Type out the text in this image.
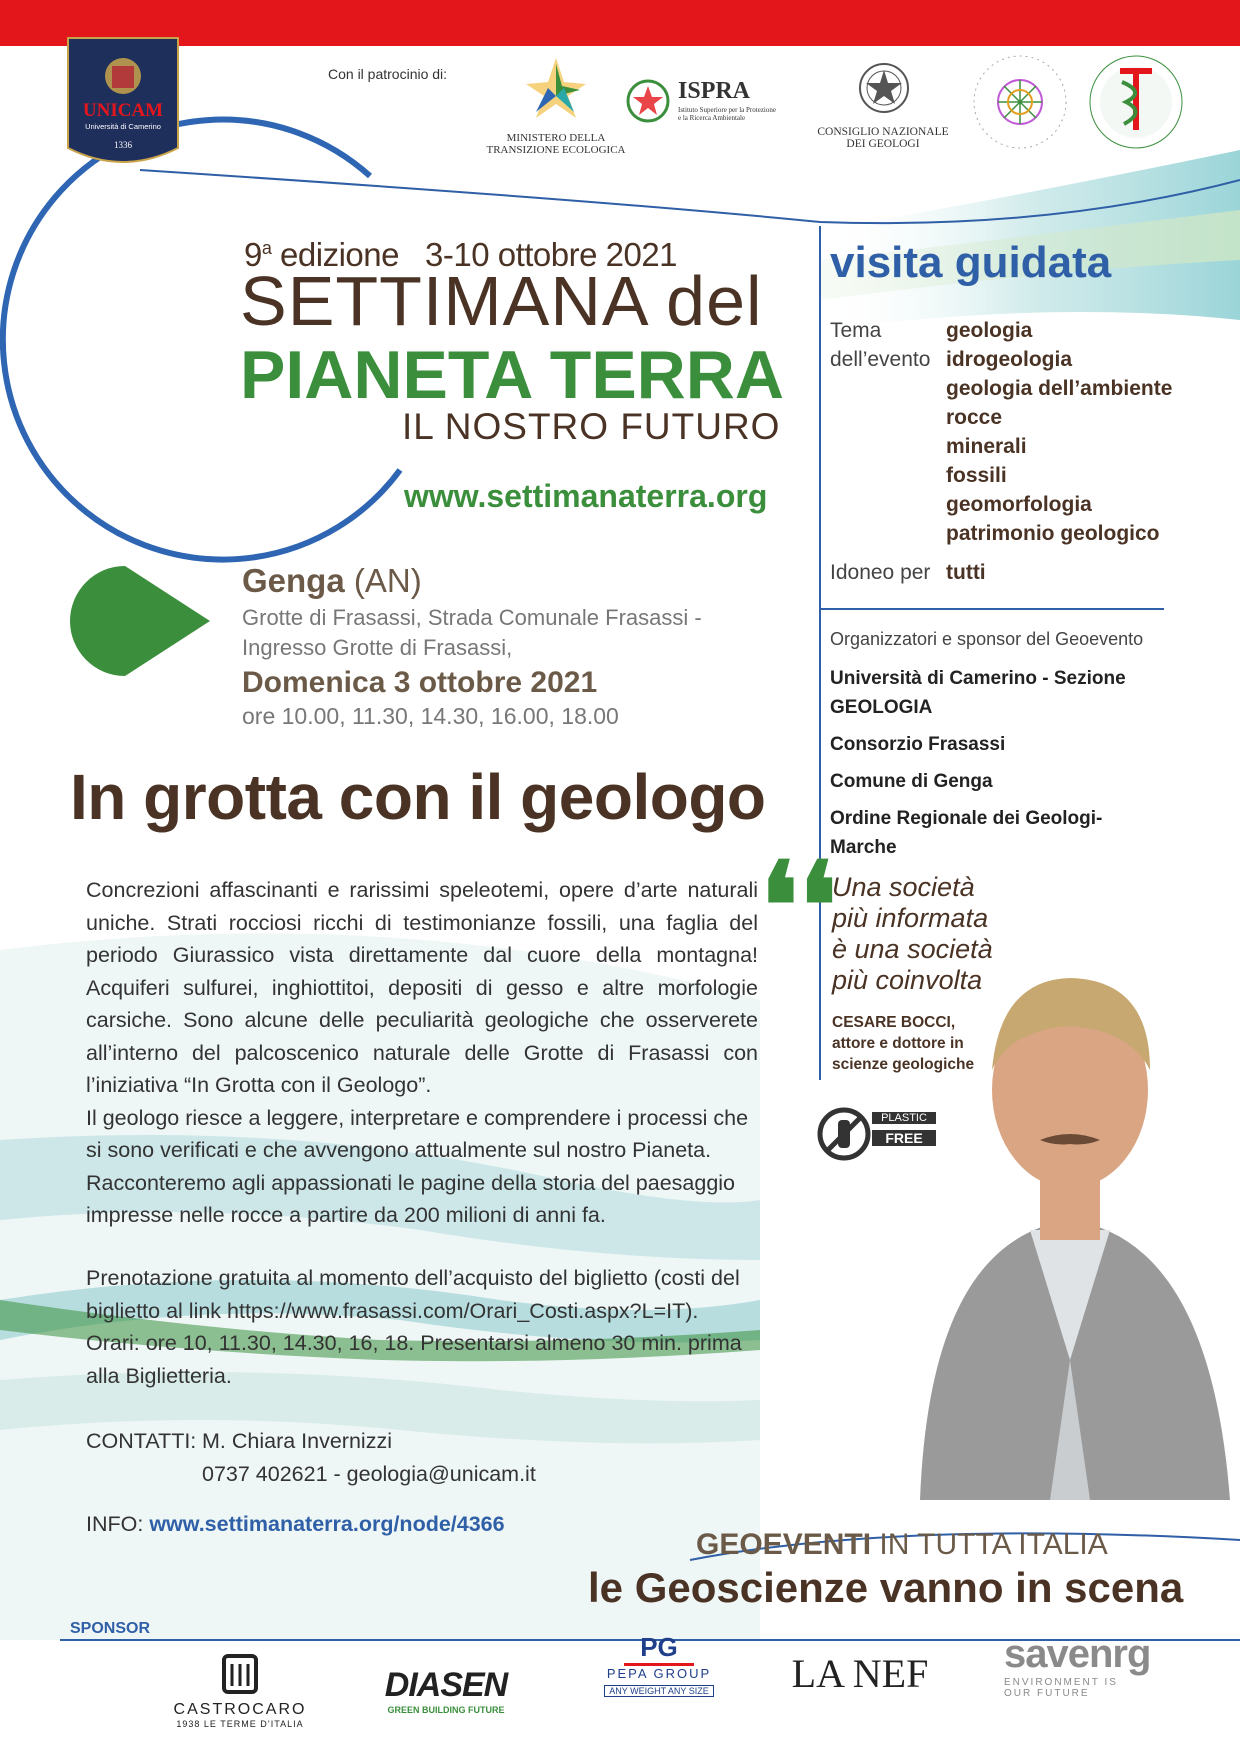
UNICAM
Università di Camerino
1336
Con il patrocinio di:
MINISTERO DELLA
TRANSIZIONE ECOLOGICA
ISPRA
Istituto Superiore per la Protezione
e la Ricerca Ambientale
CONSIGLIO NAZIONALE
DEI GEOLOGI
9$^a$ edizione 3-10 ottobre 2021
SETTIMANA del
PIANETA TERRA
IL NOSTRO FUTURO
www.settimanaterra.org
visita guidata
Tema
dell’evento
geologia
idrogeologia
geologia dell’ambiente
rocce
minerali
fossili
geomorfologia
patrimonio geologico
Idoneo per tutti
Organizzatori e sponsor del Geoevento
Università di Camerino - Sezione GEOLOGIA
Consorzio Frasassi
Comune di Genga
Ordine Regionale dei Geologi-Marche
Genga (AN)
Grotte di Frasassi, Strada Comunale Frasassi -
Ingresso Grotte di Frasassi,
Domenica 3 ottobre 2021
ore 10.00, 11.30, 14.30, 16.00, 18.00
In grotta con il geologo

Concrezioni affascinanti e rarissimi speleotemi, opere d’arte naturali uniche. Strati rocciosi ricchi di testimonianze fossili, una faglia del periodo Giurassico vista direttamente dal cuore della montagna! Acquiferi sulfurei, inghiottitoi, depositi di gesso e altre morfologie carsiche. Sono alcune delle peculiarità geologiche che osserverete all’interno del palcoscenico naturale delle Grotte di Frasassi con l’iniziativa “In Grotta con il Geologo”.

Il geologo riesce a leggere, interpretare e comprendere i processi che si sono verificati e che avvengono attualmente sul nostro Pianeta. Racconteremo agli appassionati le pagine della storia del paesaggio impresse nelle rocce a partire da 200 milioni di anni fa.

Prenotazione gratuita al momento dell’acquisto del biglietto (costi del biglietto al link https://www.frasassi.com/Orari_Costi.aspx?L=IT). Orari: ore 10, 11.30, 14.30, 16, 18. Presentarsi almeno 30 min. prima alla Biglietteria.
CONTATTI: M. Chiara Invernizzi
0737 402621 - geologia@unicam.it
INFO: www.settimanaterra.org/node/4366
❛❛
Una società
più informata
è una società
più coinvolta
CESARE BOCCI,
attore e dottore in
scienze geologiche
PLASTIC
FREE
GEOEVENTI IN TUTTA ITALIA
le Geoscienze vanno in scena
SPONSOR
CASTROCARO
1938 LE TERME D’ITALIA
DIASEN
GREEN BUILDING FUTURE
PG
PEPA GROUP
ANY WEIGHT ANY SIZE	LA NEF	savenrg
ENVIRONMENT IS
OUR FUTURE
